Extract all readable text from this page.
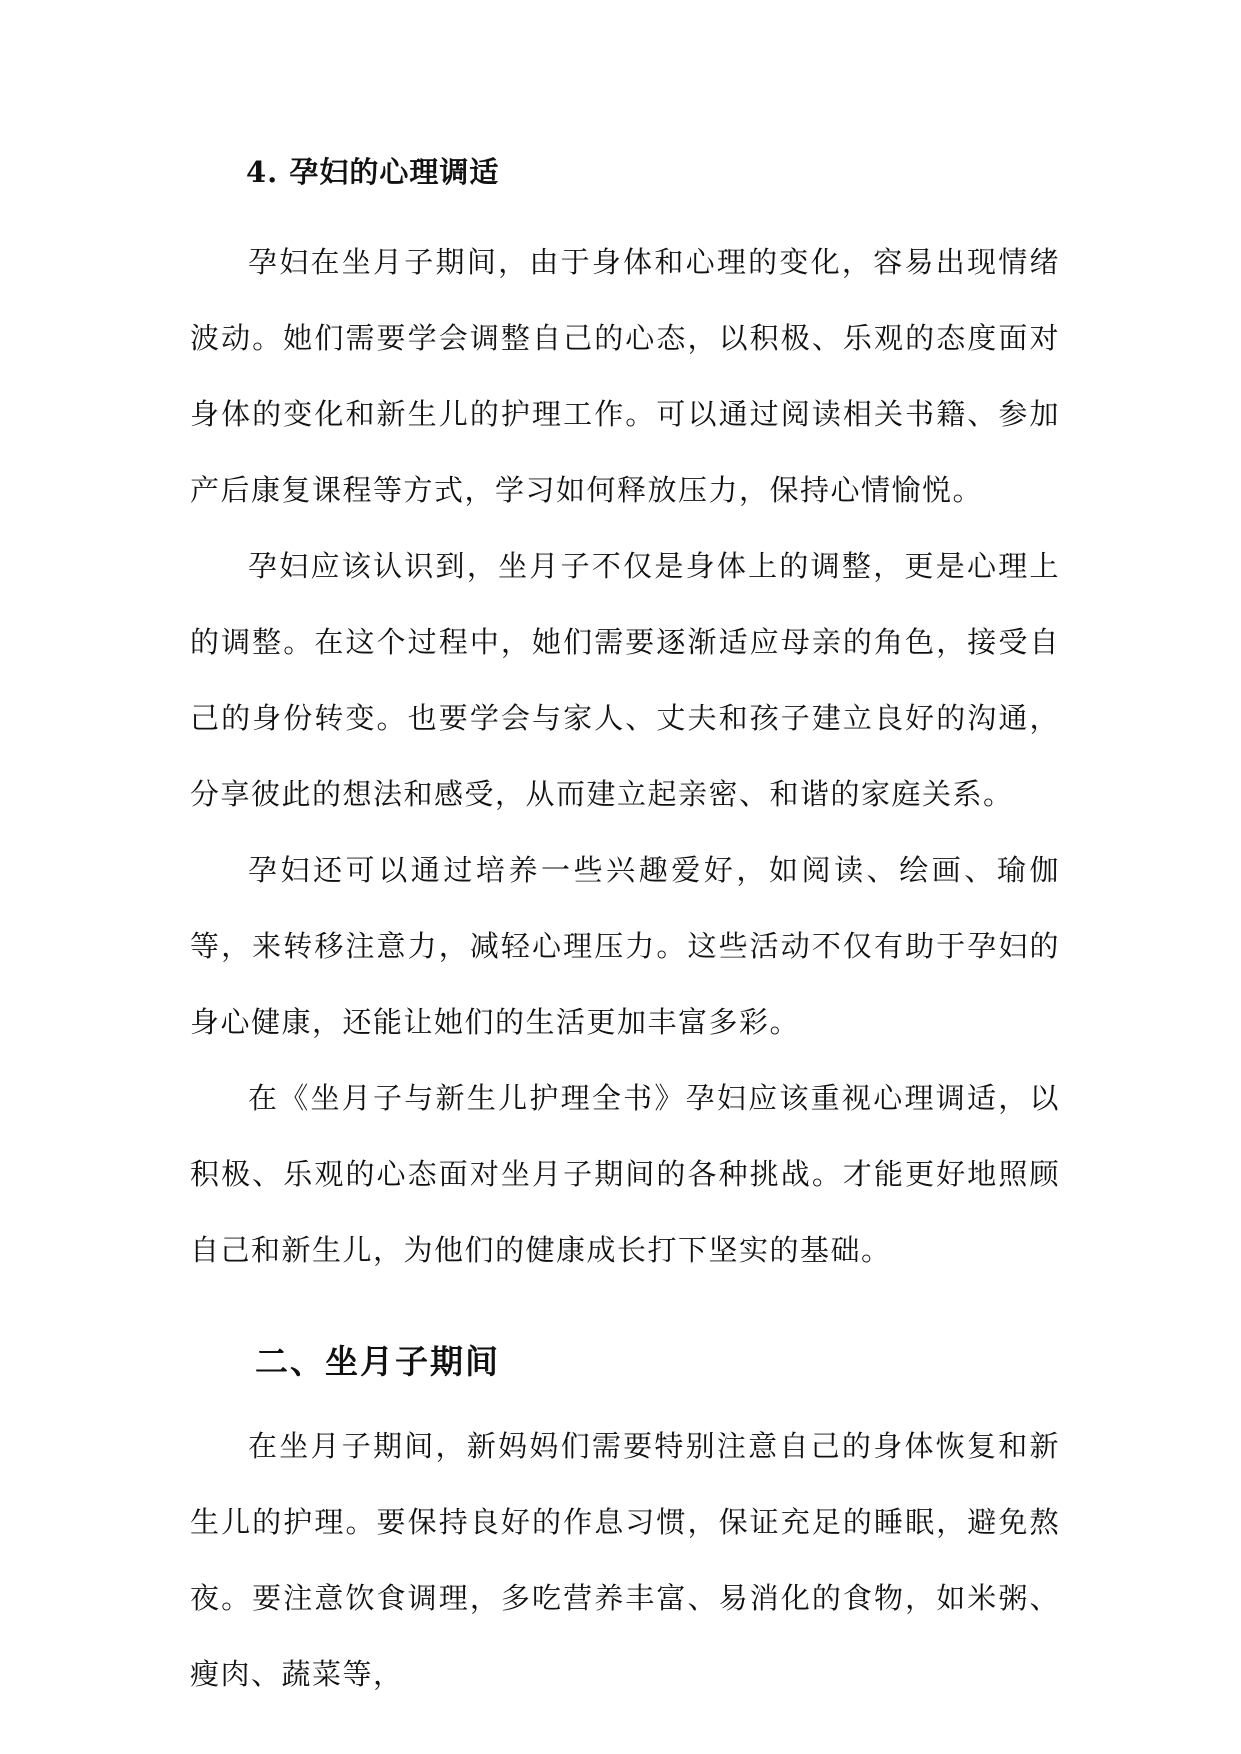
4. 孕妇的心理调适

孕妇在坐月子期间，由于身体和心理的变化，容易出现情绪波动。她们需要学会调整自己的心态，以积极、乐观的态度面对身体的变化和新生儿的护理工作。可以通过阅读相关书籍、参加产后康复课程等方式，学习如何释放压力，保持心情愉悦。

孕妇应该认识到，坐月子不仅是身体上的调整，更是心理上的调整。在这个过程中，她们需要逐渐适应母亲的角色，接受自己的身份转变。也要学会与家人、丈夫和孩子建立良好的沟通，分享彼此的想法和感受，从而建立起亲密、和谐的家庭关系。

孕妇还可以通过培养一些兴趣爱好，如阅读、绘画、瑜伽等，来转移注意力，减轻心理压力。这些活动不仅有助于孕妇的身心健康，还能让她们的生活更加丰富多彩。

在《坐月子与新生儿护理全书》孕妇应该重视心理调适，以积极、乐观的心态面对坐月子期间的各种挑战。才能更好地照顾自己和新生儿，为他们的健康成长打下坚实的基础。

二、坐月子期间

在坐月子期间，新妈妈们需要特别注意自己的身体恢复和新生儿的护理。要保持良好的作息习惯，保证充足的睡眠，避免熬夜。要注意饮食调理，多吃营养丰富、易消化的食物，如米粥、瘦肉、蔬菜等，
